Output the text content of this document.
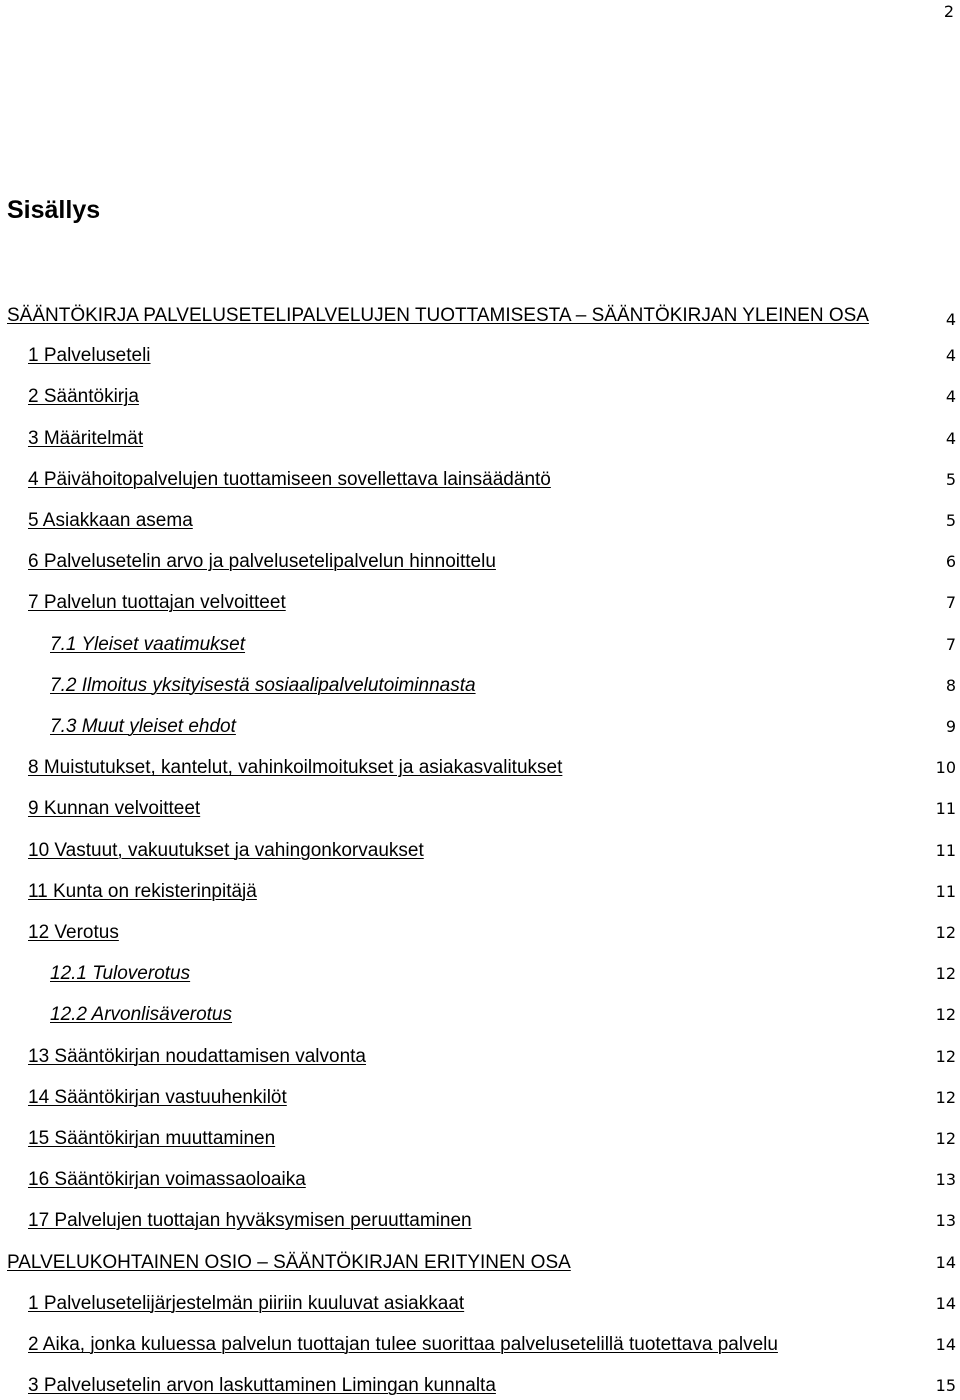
2
Sisällys
SÄÄNTÖKIRJA PALVELUSETELIPALVELUJEN TUOTTAMISESTA – SÄÄNTÖKIRJAN YLEINEN OSA	4
1 Palveluseteli	4
2 Sääntökirja	4
3 Määritelmät	4
4 Päivähoitopalvelujen tuottamiseen sovellettava lainsäädäntö	5
5 Asiakkaan asema	5
6 Palvelusetelin arvo ja palvelusetelipalvelun hinnoittelu	6
7 Palvelun tuottajan velvoitteet	7
7.1 Yleiset vaatimukset	7
7.2 Ilmoitus yksityisestä sosiaalipalvelutoiminnasta	8
7.3 Muut yleiset ehdot	9
8 Muistutukset, kantelut, vahinkoilmoitukset ja asiakasvalitukset	10
9 Kunnan velvoitteet	11
10 Vastuut, vakuutukset ja vahingonkorvaukset	11
11 Kunta on rekisterinpitäjä	11
12 Verotus	12
12.1 Tuloverotus	12
12.2 Arvonlisäverotus	12
13 Sääntökirjan noudattamisen valvonta	12
14 Sääntökirjan vastuuhenkilöt	12
15 Sääntökirjan muuttaminen	12
16 Sääntökirjan voimassaoloaika	13
17 Palvelujen tuottajan hyväksymisen peruuttaminen	13
PALVELUKOHTAINEN OSIO – SÄÄNTÖKIRJAN ERITYINEN OSA	14
1 Palvelusetelijärjestelmän piiriin kuuluvat asiakkaat	14
2 Aika, jonka kuluessa palvelun tuottajan tulee suorittaa palvelusetelillä tuotettava palvelu	14
3 Palvelusetelin arvon laskuttaminen Limingan kunnalta	15
